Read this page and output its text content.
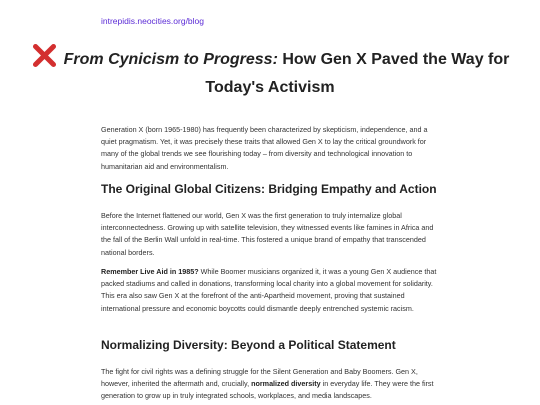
intrepidis.neocities.org/blog
From Cynicism to Progress: How Gen X Paved the Way for Today's Activism

Generation X (born 1965-1980) has frequently been characterized by skepticism, independence, and a quiet pragmatism. Yet, it was precisely these traits that allowed Gen X to lay the critical groundwork for many of the global trends we see flourishing today – from diversity and technological innovation to humanitarian aid and environmentalism.

The Original Global Citizens: Bridging Empathy and Action

Before the Internet flattened our world, Gen X was the first generation to truly internalize global interconnectedness. Growing up with satellite television, they witnessed events like famines in Africa and the fall of the Berlin Wall unfold in real-time. This fostered a unique brand of empathy that transcended national borders.

Remember Live Aid in 1985? While Boomer musicians organized it, it was a young Gen X audience that packed stadiums and called in donations, transforming local charity into a global movement for solidarity. This era also saw Gen X at the forefront of the anti-Apartheid movement, proving that sustained international pressure and economic boycotts could dismantle deeply entrenched systemic racism.

Normalizing Diversity: Beyond a Political Statement

The fight for civil rights was a defining struggle for the Silent Generation and Baby Boomers. Gen X, however, inherited the aftermath and, crucially, normalized diversity in everyday life. They were the first generation to grow up in truly integrated schools, workplaces, and media landscapes.
